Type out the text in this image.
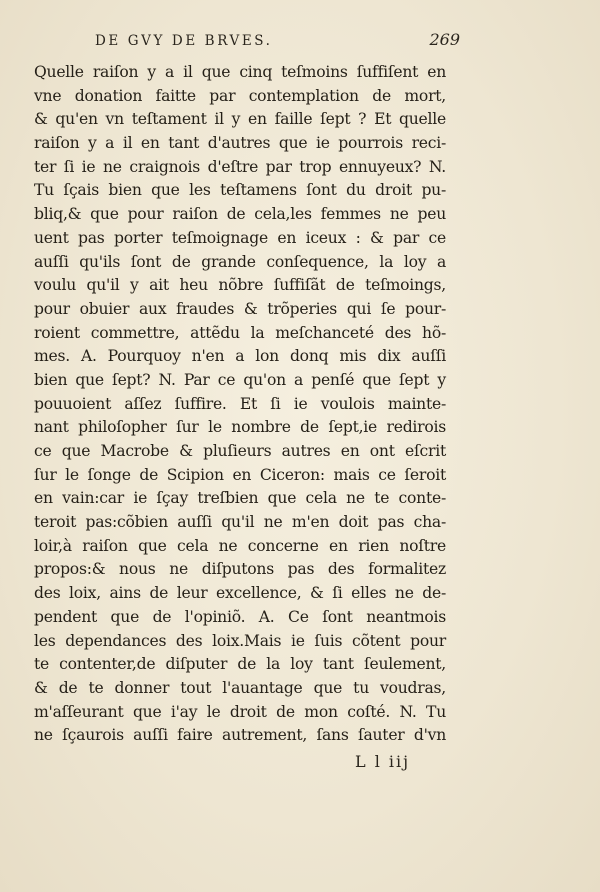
DE GVY DE BRVES.	269
Quelle raiſon y a il que cinq teſmoins ſuffiſent en
vne donation faitte par contemplation de mort,
& qu'en vn teſtament il y en faille ſept ? Et quelle
raiſon y a il en tant d'autres que ie pourrois reci-
ter ſi ie ne craignois d'eſtre par trop ennuyeux? N.
Tu ſçais bien que les teſtamens ſont du droit pu-
bliq,& que pour raiſon de cela,les femmes ne peu
uent pas porter teſmoignage en iceux : & par ce
auſſi qu'ils ſont de grande conſequence, la loy a
voulu qu'il y ait heu nõbre ſuffiſãt de teſmoings,
pour obuier aux fraudes & trõperies qui ſe pour-
roient commettre, attẽdu la meſchanceté des hõ-
mes. A. Pourquoy n'en a lon donq mis dix auſſi
bien que ſept? N. Par ce qu'on a penſé que ſept y
pouuoient aſſez ſuffire. Et ſi ie voulois mainte-
nant philoſopher ſur le nombre de ſept,ie redirois
ce que Macrobe & pluſieurs autres en ont eſcrit
ſur le ſonge de Scipion en Ciceron: mais ce ſeroit
en vain:car ie ſçay treſbien que cela ne te conte-
teroit pas:cõbien auſſi qu'il ne m'en doit pas cha-
loir,à raiſon que cela ne concerne en rien noſtre
propos:& nous ne diſputons pas des formalitez
des loix, ains de leur excellence, & ſi elles ne de-
pendent que de l'opiniõ. A. Ce ſont neantmois
les dependances des loix.Mais ie ſuis cõtent pour
te contenter,de diſputer de la loy tant ſeulement,
& de te donner tout l'auantage que tu voudras,
m'aſſeurant que i'ay le droit de mon coſté. N. Tu
ne ſçaurois auſſi faire autrement, ſans ſauter d'vn
L l iij
